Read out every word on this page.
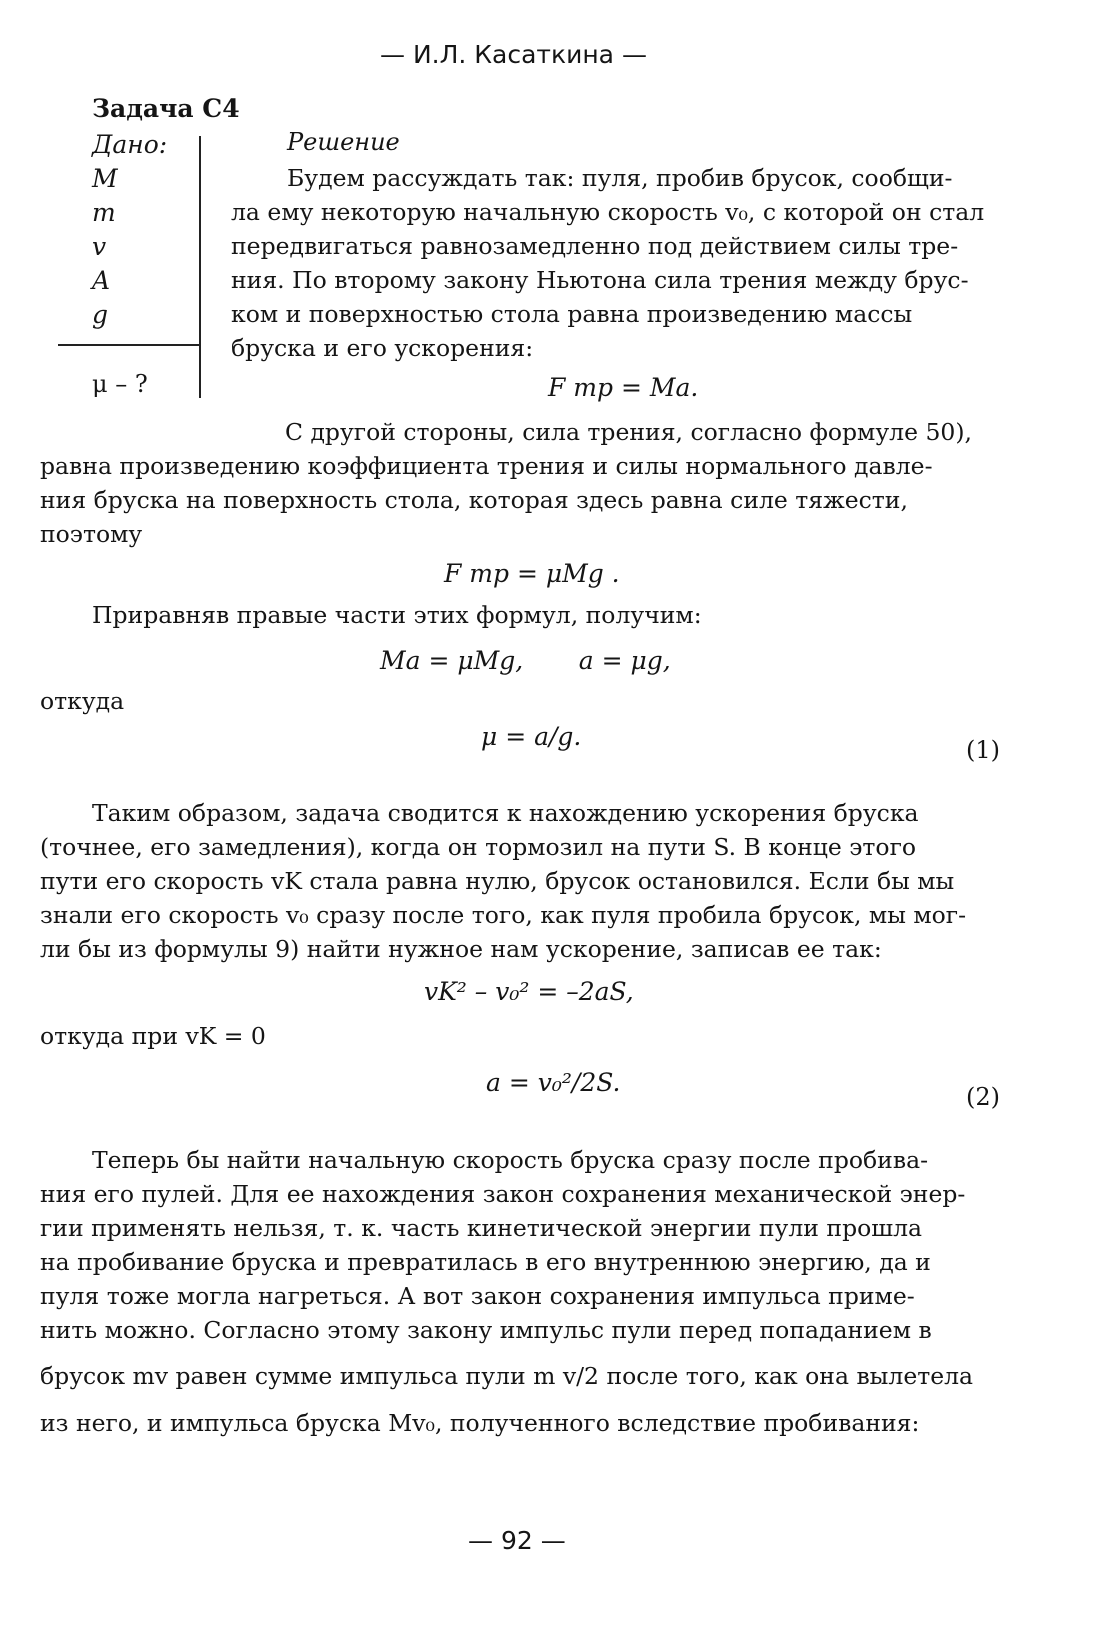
— И.Л. Касаткина —
Задача С4
Дано:
M
m
v
A
g
μ – ?
Решение
Будем рассуждать так: пуля, пробив брусок, сообщи-
ла ему некоторую начальную скорость v₀, с которой он стал
передвигаться равнозамедленно под действием силы тре-
ния. По второму закону Ньютона сила трения между брус-
ком и поверхностью стола равна произведению массы
бруска и его ускорения:
F тр = Ma.
С другой стороны, сила трения, согласно формуле 50),
равна произведению коэффициента трения и силы нормального давле-
ния бруска на поверхность стола, которая здесь равна силе тяжести,
поэтому
F тр = μMg .
Приравняв правые части этих формул, получим:
Ma = μMg,       a = μg,
откуда
μ = a/g.	(1)
Таким образом, задача сводится к нахождению ускорения бруска
(точнее, его замедления), когда он тормозил на пути S. В конце этого
пути его скорость vK стала равна нулю, брусок остановился. Если бы мы
знали его скорость v₀ сразу после того, как пуля пробила брусок, мы мог-
ли бы из формулы 9) найти нужное нам ускорение, записав ее так:
vK² – v₀² = –2aS,
откуда при vK = 0
a = v₀²/2S.	(2)
Теперь бы найти начальную скорость бруска сразу после пробива-
ния его пулей. Для ее нахождения закон сохранения механической энер-
гии применять нельзя, т. к. часть кинетической энергии пули прошла
на пробивание бруска и превратилась в его внутреннюю энергию, да и
пуля тоже могла нагреться. А вот закон сохранения импульса приме-
нить можно. Согласно этому закону импульс пули перед попаданием в
брусок mv равен сумме импульса пули m v/2 после того, как она вылетела
из него, и импульса бруска Mv₀, полученного вследствие пробивания:
— 92 —
